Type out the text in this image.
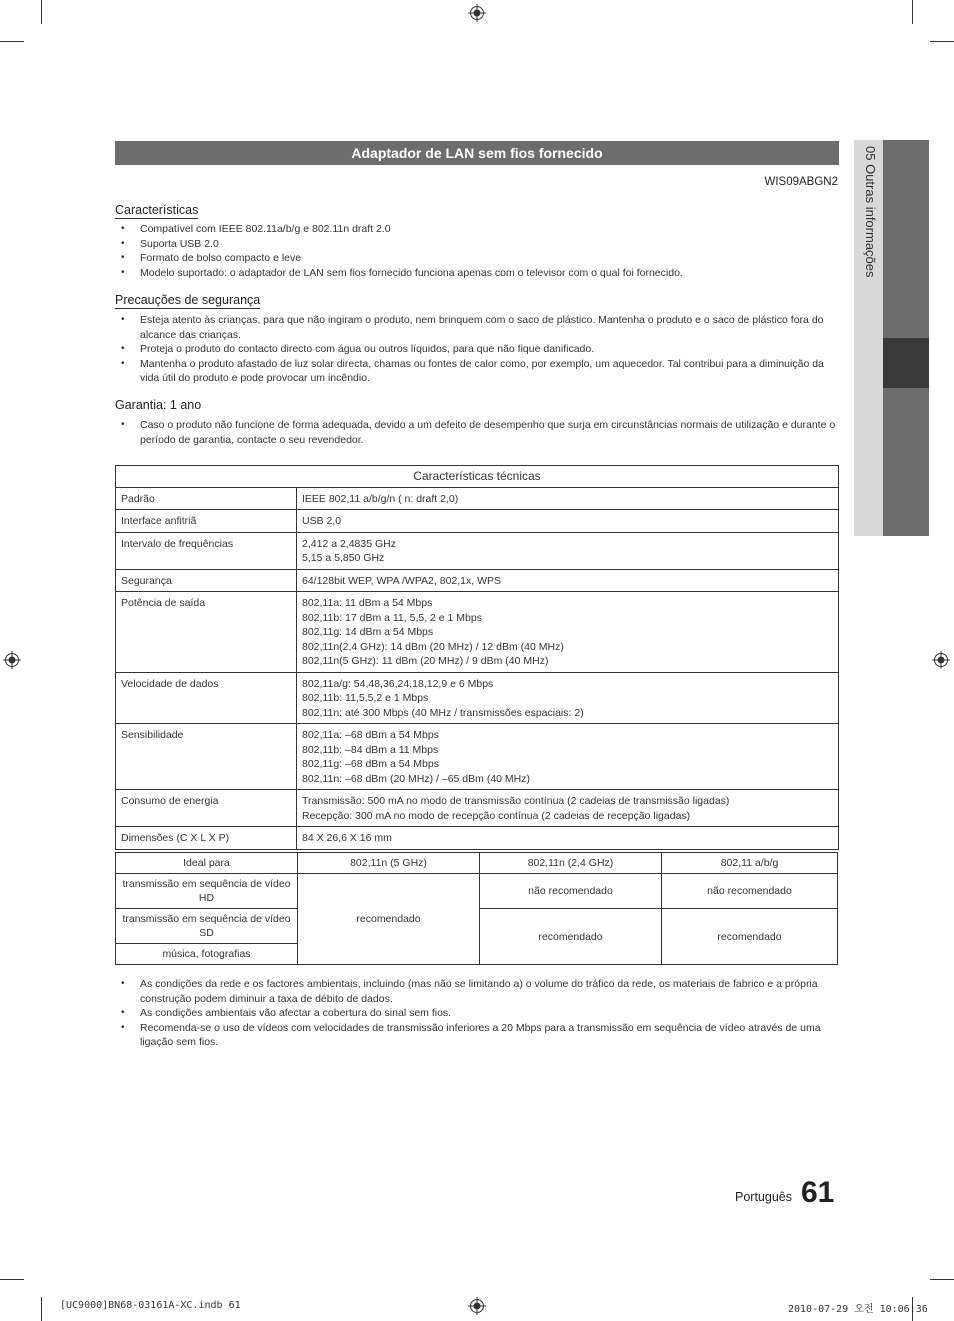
05 Outras informações
Adaptador de LAN sem fios fornecido
WIS09ABGN2
Características
• Compatível com IEEE 802.11a/b/g e 802.11n draft 2.0
• Suporta USB 2.0
• Formato de bolso compacto e leve
• Modelo suportado: o adaptador de LAN sem fios fornecido funciona apenas com o televisor com o qual foi fornecido.
Precauções de segurança
• Esteja atento às crianças, para que não ingiram o produto, nem brinquem com o saco de plástico. Mantenha o produto e o saco de plástico fora do alcance das crianças.
• Proteja o produto do contacto directo com água ou outros líquidos, para que não fique danificado.
• Mantenha o produto afastado de luz solar directa, chamas ou fontes de calor como, por exemplo, um aquecedor. Tal contribui para a diminuição da vida útil do produto e pode provocar um incêndio.
Garantia: 1 ano
• Caso o produto não funcione de forma adequada, devido a um defeito de desempenho que surja em circunstâncias normais de utilização e durante o período de garantia, contacte o seu revendedor.
Características técnicas	
Padrão	IEEE 802,11 a/b/g/n ( n: draft 2,0)

Interface anfitriã	USB 2,0

Intervalo de frequências	2,412 a 2,4835 GHz
5,15 a 5,850 GHz

Segurança	64/128bit WEP, WPA /WPA2, 802,1x, WPS

Potência de saída	802,11a: 11 dBm a 54 Mbps
802,11b: 17 dBm a 11, 5,5, 2 e 1 Mbps
802,11g: 14 dBm a 54 Mbps
802,11n(2,4 GHz): 14 dBm (20 MHz) / 12 dBm (40 MHz)
802,11n(5 GHz): 11 dBm (20 MHz) / 9 dBm (40 MHz)

Velocidade de dados	802,11a/g: 54,48,36,24,18,12,9 e 6 Mbps
802,11b: 11,5,5,2 e 1 Mbps
802,11n: até 300 Mbps (40 MHz / transmissões espaciais: 2)

Sensibilidade	802,11a: –68 dBm a 54 Mbps
802,11b: –84 dBm a 11 Mbps
802,11g: –68 dBm a 54 Mbps
802,11n: –68 dBm (20 MHz) / –65 dBm (40 MHz)

Consumo de energia	Transmissão: 500 mA no modo de transmissão contínua (2 cadeias de transmissão ligadas)
Recepção: 300 mA no modo de recepção contínua (2 cadeias de recepção ligadas)

Dimensões (C X L X P)	84 X 26,6 X 16 mm
Ideal para	802,11n (5 GHz)	802,11n (2,4 GHz)	802,11 a/b/g
transmissão em sequência de vídeo HD	recomendado	não recomendado	não recomendado
transmissão em sequência de vídeo SD		recomendado	recomendado
música, fotografias			
• As condições da rede e os factores ambientais, incluindo (mas não se limitando a) o volume do tráfico da rede, os materiais de fabrico e a própria construção podem diminuir a taxa de débito de dados.
• As condições ambientais vão afectar a cobertura do sinal sem fios.
• Recomenda-se o uso de vídeos com velocidades de transmissão inferiores a 20 Mbps para a transmissão em sequência de vídeo através de uma ligação sem fios.
Português 61
[UC9000]BN68-03161A-XC.indb 61	2010-07-29 오전 10:06:36
